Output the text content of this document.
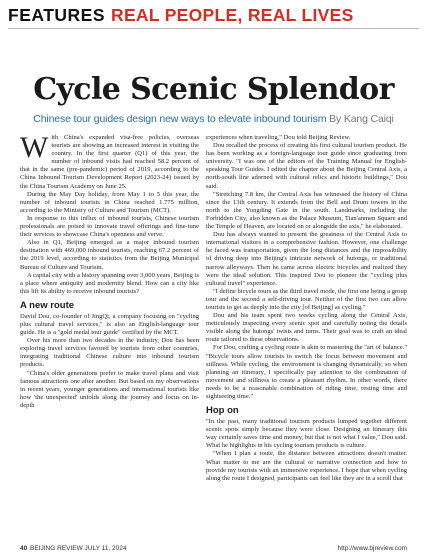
FEATURES REAL PEOPLE, REAL LIVES
Cycle Scenic Splendor
Chinese tour guides design new ways to elevate inbound tourism By Kang Caiqi

With China's expanded visa-free policies, overseas tourists are showing an increased interest in visiting the country. In the first quarter (Q1) of this year, the number of inbound visits had reached 58.2 percent of that in the same (pre-pandemic) period of 2019, according to the China Inbound Tourism Development Report (2023-24) issued by the China Tourism Academy on June 25.

During the May Day holiday, from May 1 to 5 this year, the number of inbound tourists in China reached 1.775 million, according to the Ministry of Culture and Tourism (MCT).

In response to this influx of inbound tourists, Chinese tourism professionals are poised to innovate travel offerings and fine-tune their services to showcase China's openness and verve.

Also in Q1, Beijing emerged as a major inbound tourism destination with 469,000 inbound tourists, reaching 67.2 percent of the 2019 level, according to statistics from the Beijing Municipal Bureau of Culture and Tourism.

A capital city with a history spanning over 3,000 years, Beijing is a place where antiquity and modernity blend. How can a city like this lift its ability to receive inbound tourists?

A new route

David Dou, co-founder of JingQi, a company focusing on "cycling plus cultural travel services," is also an English-language tour guide. He is a "gold medal tour guide" certified by the MCT.

Over his more than two decades in the industry, Dou has been exploring travel services favored by tourists from other countries, integrating traditional Chinese culture into inbound tourism products.

"China's older generations prefer to make travel plans and visit famous attractions one after another. But based on my observations in recent years, younger generations and international tourists like how 'the unexpected' unfolds along the journey and focus on in-depth

experiences when traveling," Dou told Beijing Review.

Dou recalled the process of creating his first cultural tourism product. He has been working as a foreign-language tour guide since graduating from university. "I was one of the editors of the Training Manual for English-speaking Tour Guides. I edited the chapter about the Beijing Central Axis, a north-south line adorned with cultural relics and historic buildings," Dou said.

"Stretching 7.8 km, the Central Axis has witnessed the history of China since the 13th century. It extends from the Bell and Drum towers in the north to the Yongding Gate in the south. Landmarks, including the Forbidden City, also known as the Palace Museum, Tian'anmen Square and the Temple of Heaven, are located on or alongside the axis," he elaborated.

Dou has always wanted to present the greatness of the Central Axis to international visitors in a comprehensive fashion. However, one challenge he faced was transportation, given the long distances and the impossibility of driving deep into Beijing's intricate network of hutongs, or traditional narrow alleyways. Then he came across electric bicycles and realized they were the ideal solution. This inspired Dou to pioneer the "cycling plus cultural travel" experience.

"I define bicycle tours as the third travel mode, the first one being a group tour and the second a self-driving tour. Neither of the first two can allow tourists to get as deeply into the city [of Beijing] as cycling."

Dou and his team spent two weeks cycling along the Central Axis, meticulously inspecting every scenic spot and carefully noting the details visible along the hutongs' twists and turns. Their goal was to craft an ideal route tailored to these observations.

For Dou, crafting a cycling route is akin to mastering the "art of balance." "Bicycle tours allow tourists to switch the focus between movement and stillness. While cycling, the environment is changing dynamically, so when planning an itinerary, I specifically pay attention to the combination of movement and stillness to create a pleasant rhythm. In other words, there needs to be a reasonable combination of riding time, resting time and sightseeing time."

Hop on

"In the past, many traditional tourism products lumped together different scenic spots simply because they were close. Designing an itinerary this way certainly saves time and money, but that is not what I value," Dou said. What he highlights in his cycling tourism products is culture.

"When I plan a route, the distance between attractions doesn't matter. What matter to me are the cultural or narrative connection and how to provide my tourists with an immersive experience. I hope that when cycling along the route I designed, participants can feel like they are in a scroll that

40 BEIJING REVIEW JULY 11, 2024	http://www.bjreview.com
